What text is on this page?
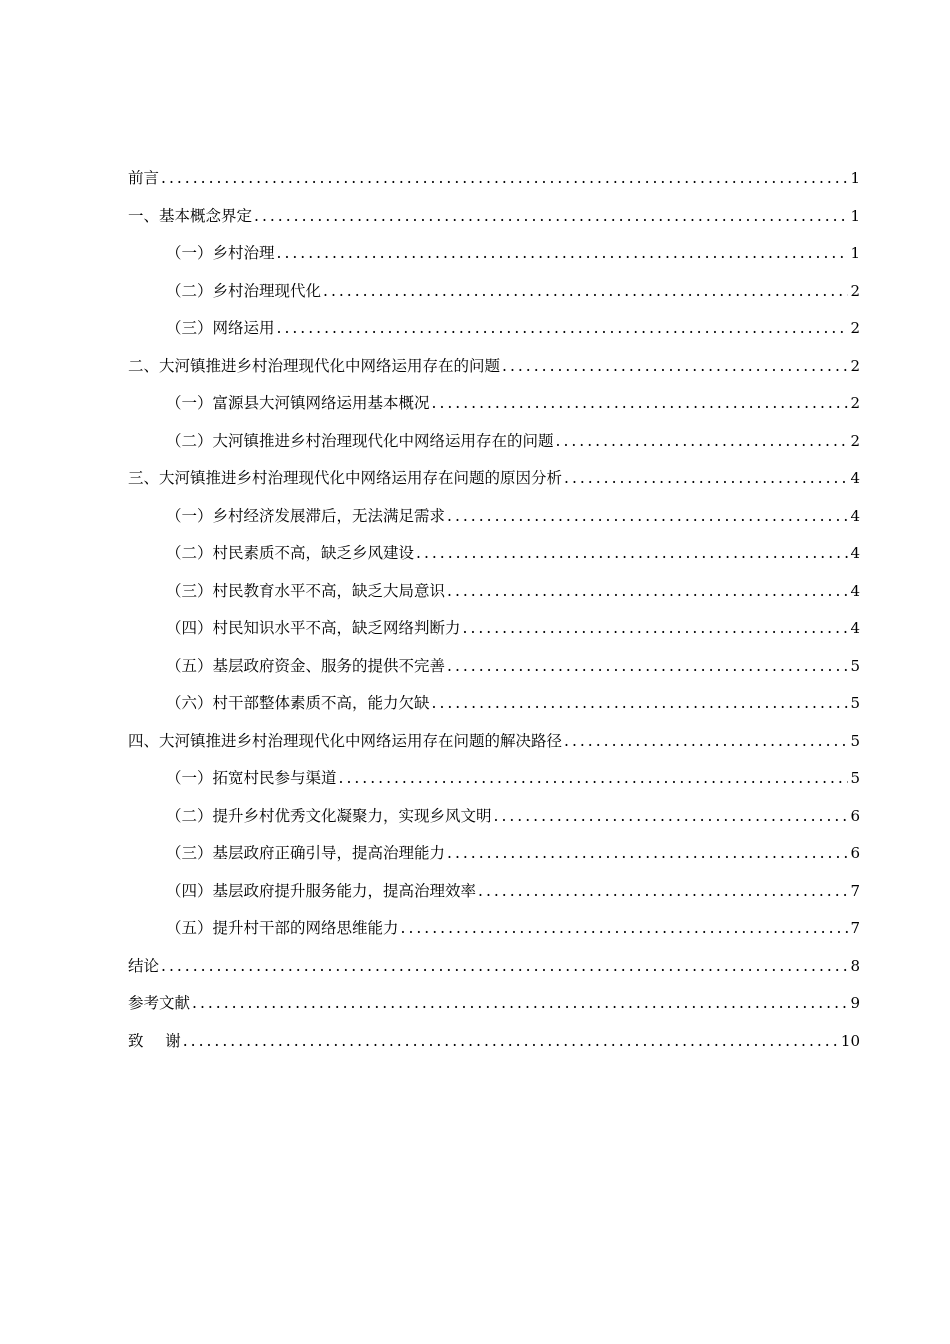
前言 .....	1
一、基本概念界定 .....	1
（一）乡村治理 .....	1
（二）乡村治理现代化 .....	2
（三）网络运用 .....	2
二、大河镇推进乡村治理现代化中网络运用存在的问题 .....	2
（一）富源县大河镇网络运用基本概况 .....	2
（二）大河镇推进乡村治理现代化中网络运用存在的问题 .....	2
三、大河镇推进乡村治理现代化中网络运用存在问题的原因分析 .....	4
（一）乡村经济发展滞后，无法满足需求 .....	4
（二）村民素质不高，缺乏乡风建设 .....	4
（三）村民教育水平不高，缺乏大局意识 .....	4
（四）村民知识水平不高，缺乏网络判断力 .....	4
（五）基层政府资金、服务的提供不完善 .....	5
（六）村干部整体素质不高，能力欠缺 .....	5
四、大河镇推进乡村治理现代化中网络运用存在问题的解决路径 .....	5
（一）拓宽村民参与渠道 .....	5
（二）提升乡村优秀文化凝聚力，实现乡风文明 .....	6
（三）基层政府正确引导，提高治理能力 .....	6
（四）基层政府提升服务能力，提高治理效率 .....	7
（五）提升村干部的网络思维能力 .....	7
结论 .....	8
参考文献 .....	9
致 谢 .....	10
